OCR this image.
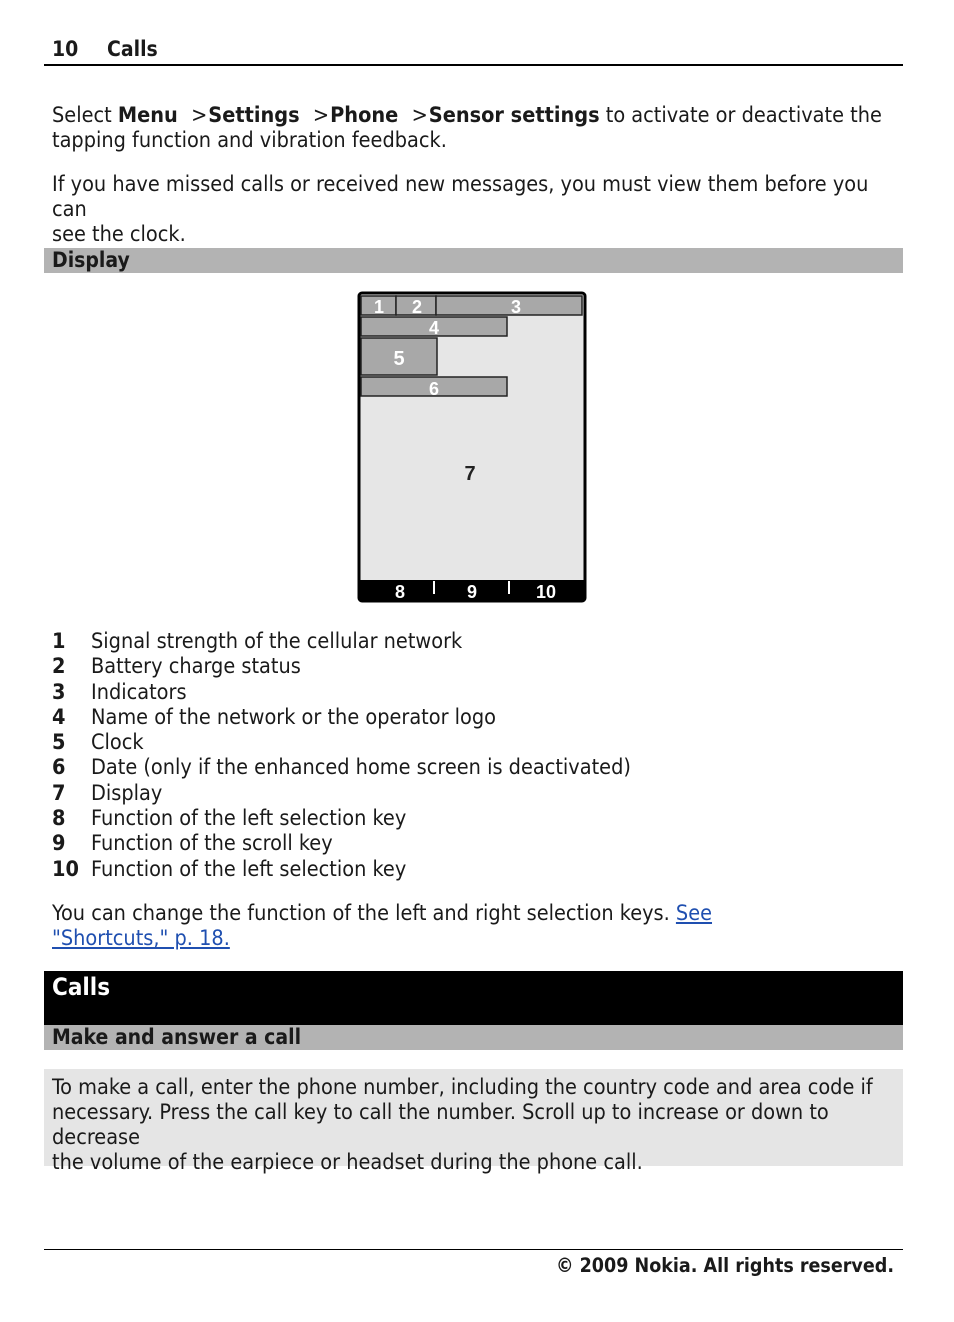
10 Calls
Select Menu >Settings >Phone >Sensor settings to activate or deactivate the
tapping function and vibration feedback.
If you have missed calls or received new messages, you must view them before you can
see the clock.
Display
1 2	3
4
5
6
7
8	9	10
1 Signal strength of the cellular network
2 Battery charge status
3 Indicators
4 Name of the network or the operator logo
5 Clock
6 Date (only if the enhanced home screen is deactivated)
7 Display
8 Function of the left selection key
9 Function of the scroll key
10 Function of the left selection key
You can change the function of the left and right selection keys. See
"Shortcuts," p. 18.
Calls
Make and answer a call
To make a call, enter the phone number, including the country code and area code if
necessary. Press the call key to call the number. Scroll up to increase or down to decrease
the volume of the earpiece or headset during the phone call.
© 2009 Nokia. All rights reserved.
